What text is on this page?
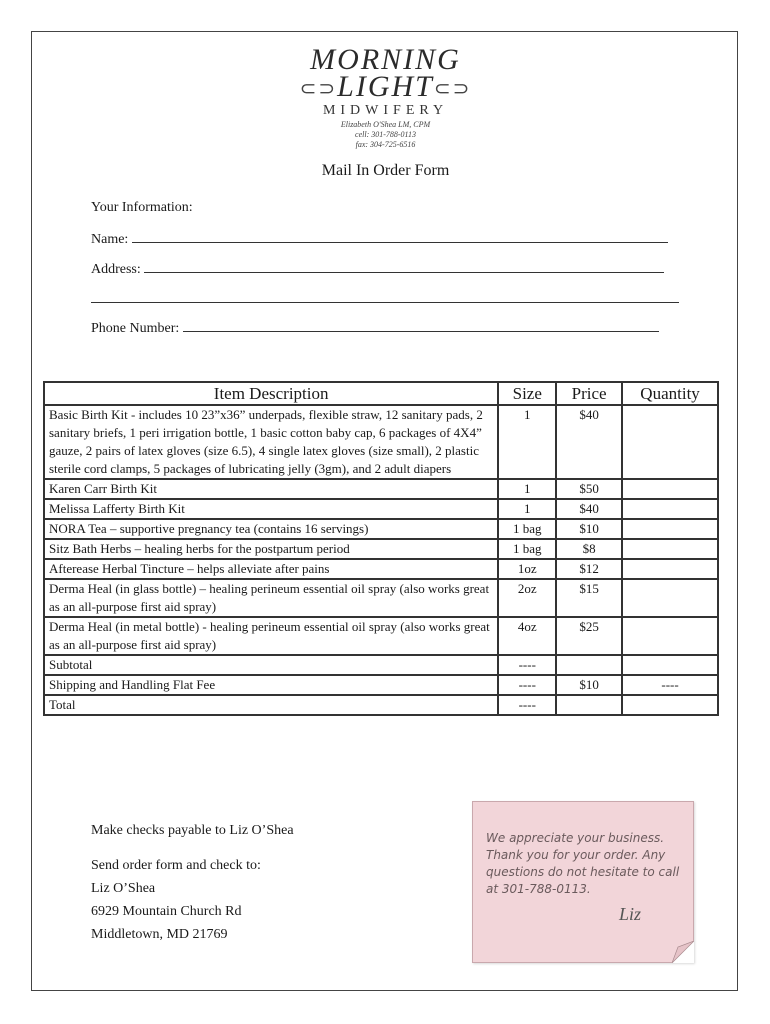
MORNING
⊂⊃LIGHT⊂⊃
MIDWIFERY
Elizabeth O'Shea LM, CPM
cell: 301-788-0113
fax: 304-725-6516
Mail In Order Form
Your Information:
Name:
Address:
Phone Number:
Item Description	Size	Price	Quantity
Basic Birth Kit - includes 10 23”x36” underpads, flexible straw, 12 sanitary pads, 2 sanitary briefs, 1 peri irrigation bottle, 1 basic cotton baby cap, 6 packages of 4X4” gauze, 2 pairs of latex gloves (size 6.5), 4 single latex gloves (size small), 2 plastic sterile cord clamps, 5 packages of lubricating jelly (3gm), and 2 adult diapers	1	$40	
Karen Carr Birth Kit	1	$50	
Melissa Lafferty Birth Kit	1	$40	
NORA Tea – supportive pregnancy tea (contains 16 servings)	1 bag	$10	
Sitz Bath Herbs – healing herbs for the postpartum period	1 bag	$8	
Afterease Herbal Tincture – helps alleviate after pains	1oz	$12	
Derma Heal (in glass bottle) – healing perineum essential oil spray (also works great as an all-purpose first aid spray)	2oz	$15	
Derma Heal (in metal bottle) - healing perineum essential oil spray (also works great as an all-purpose first aid spray)	4oz	$25	
Subtotal	----		
Shipping and Handling Flat Fee	----	$10	----
Total	----		
Make checks payable to Liz O’Shea
Send order form and check to:
Liz O’Shea
6929 Mountain Church Rd
Middletown, MD 21769
We appreciate your business. Thank you for your order. Any questions do not hesitate to call at 301-788-0113.
Liz
